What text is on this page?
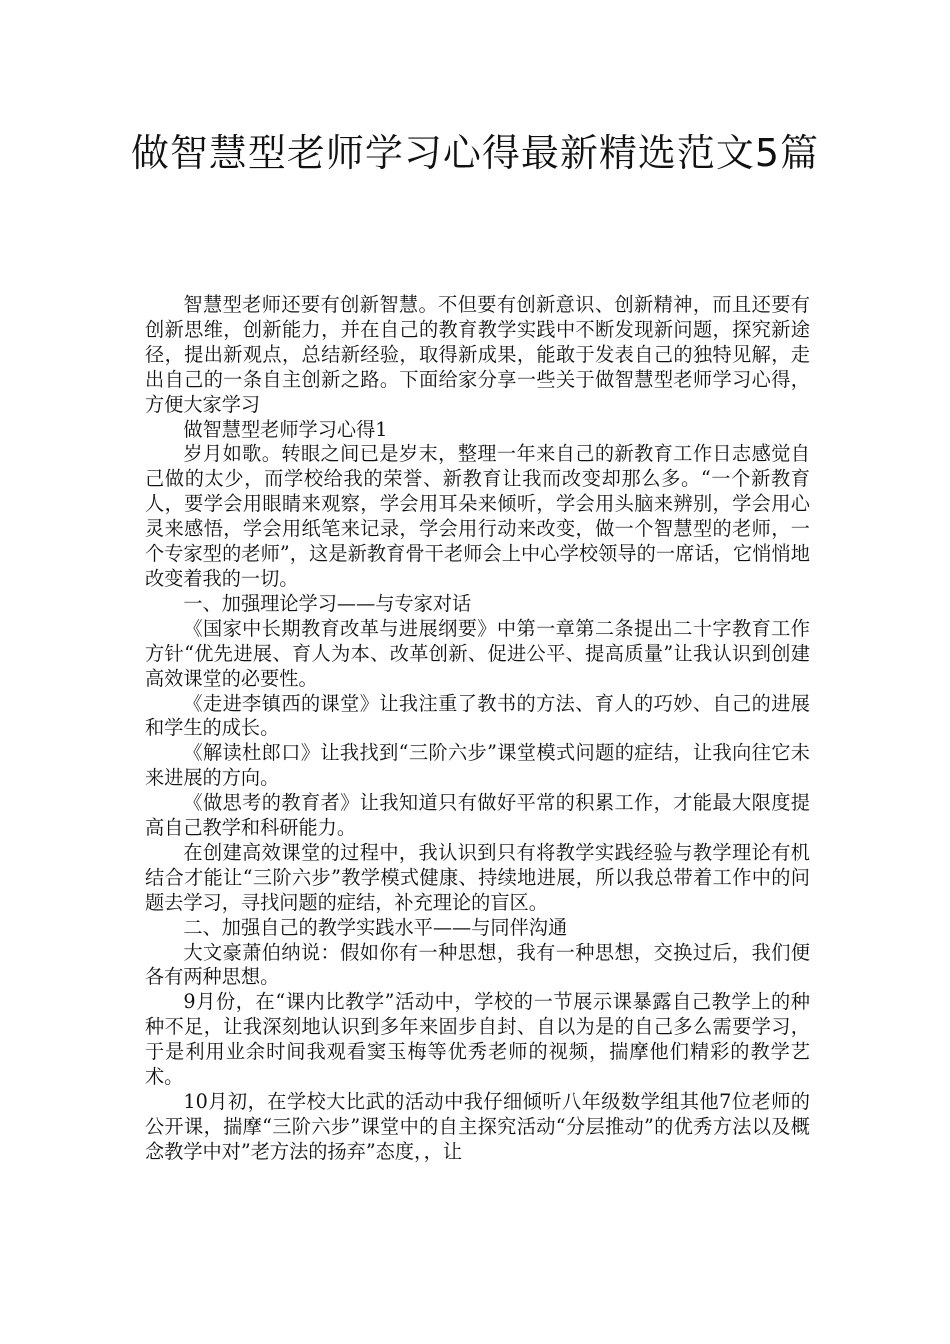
做智慧型老师学习心得最新精选范文5篇

智慧型老师还要有创新智慧。不但要有创新意识、创新精神，而且还要有创新思维，创新能力，并在自己的教育教学实践中不断发现新问题，探究新途径，提出新观点，总结新经验，取得新成果，能敢于发表自己的独特见解，走出自己的一条自主创新之路。下面给家分享一些关于做智慧型老师学习心得，方便大家学习

做智慧型老师学习心得1

岁月如歌。转眼之间已是岁末，整理一年来自己的新教育工作日志感觉自己做的太少，而学校给我的荣誉、新教育让我而改变却那么多。“一个新教育人，要学会用眼睛来观察，学会用耳朵来倾听，学会用头脑来辨别，学会用心灵来感悟，学会用纸笔来记录，学会用行动来改变，做一个智慧型的老师，一个专家型的老师”，这是新教育骨干老师会上中心学校领导的一席话，它悄悄地改变着我的一切。

一、加强理论学习——与专家对话

《国家中长期教育改革与进展纲要》中第一章第二条提出二十字教育工作方针“优先进展、育人为本、改革创新、促进公平、提高质量”让我认识到创建高效课堂的必要性。

《走进李镇西的课堂》让我注重了教书的方法、育人的巧妙、自己的进展和学生的成长。

《解读杜郎口》让我找到“三阶六步”课堂模式问题的症结，让我向往它未来进展的方向。

《做思考的教育者》让我知道只有做好平常的积累工作，才能最大限度提高自己教学和科研能力。

在创建高效课堂的过程中，我认识到只有将教学实践经验与教学理论有机结合才能让“三阶六步”教学模式健康、持续地进展，所以我总带着工作中的问题去学习，寻找问题的症结，补充理论的盲区。

二、加强自己的教学实践水平——与同伴沟通

大文豪萧伯纳说：假如你有一种思想，我有一种思想，交换过后，我们便各有两种思想。

9月份，在“课内比教学”活动中，学校的一节展示课暴露自己教学上的种种不足，让我深刻地认识到多年来固步自封、自以为是的自己多么需要学习，于是利用业余时间我观看窦玉梅等优秀老师的视频，揣摩他们精彩的教学艺术。

10月初，在学校大比武的活动中我仔细倾听八年级数学组其他7位老师的公开课，揣摩“三阶六步”课堂中的自主探究活动“分层推动”的优秀方法以及概念教学中对”老方法的扬弃”态度，，让
